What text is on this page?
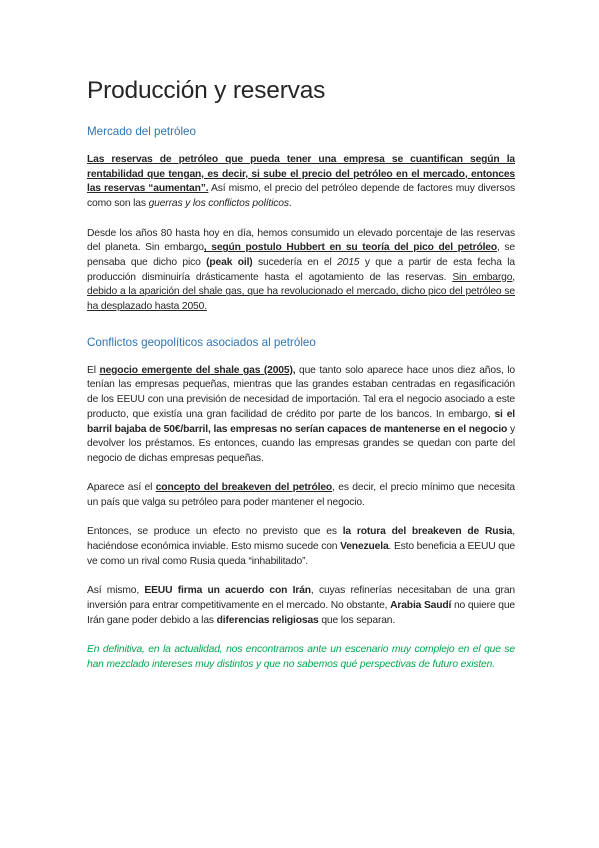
Producción y reservas
Mercado del petróleo

Las reservas de petróleo que pueda tener una empresa se cuantifican según la rentabilidad que tengan, es decir, si sube el precio del petróleo en el mercado, entonces las reservas “aumentan”. Así mismo, el precio del petróleo depende de factores muy diversos como son las guerras y los conflictos políticos.

Desde los años 80 hasta hoy en día, hemos consumido un elevado porcentaje de las reservas del planeta. Sin embargo, según postulo Hubbert en su teoría del pico del petróleo, se pensaba que dicho pico (peak oil) sucedería en el 2015 y que a partir de esta fecha la producción disminuiría drásticamente hasta el agotamiento de las reservas. Sin embargo, debido a la aparición del shale gas, que ha revolucionado el mercado, dicho pico del petróleo se ha desplazado hasta 2050.

Conflictos geopolíticos asociados al petróleo

El negocio emergente del shale gas (2005), que tanto solo aparece hace unos diez años, lo tenían las empresas pequeñas, mientras que las grandes estaban centradas en regasificación de los EEUU con una previsión de necesidad de importación. Tal era el negocio asociado a este producto, que existía una gran facilidad de crédito por parte de los bancos. In embargo, si el barril bajaba de 50€/barril, las empresas no serían capaces de mantenerse en el negocio y devolver los préstamos. Es entonces, cuando las empresas grandes se quedan con parte del negocio de dichas empresas pequeñas.

Aparece así el concepto del breakeven del petróleo, es decir, el precio mínimo que necesita un país que valga su petróleo para poder mantener el negocio.

Entonces, se produce un efecto no previsto que es la rotura del breakeven de Rusia, haciéndose económica inviable. Esto mismo sucede con Venezuela. Esto beneficia a EEUU que ve como un rival como Rusia queda “inhabilitado”.

Así mismo, EEUU firma un acuerdo con Irán, cuyas refinerías necesitaban de una gran inversión para entrar competitivamente en el mercado. No obstante, Arabia Saudí no quiere que Irán gane poder debido a las diferencias religiosas que los separan.

En definitiva, en la actualidad, nos encontramos ante un escenario muy complejo en el que se han mezclado intereses muy distintos y que no sabemos qué perspectivas de futuro existen.
